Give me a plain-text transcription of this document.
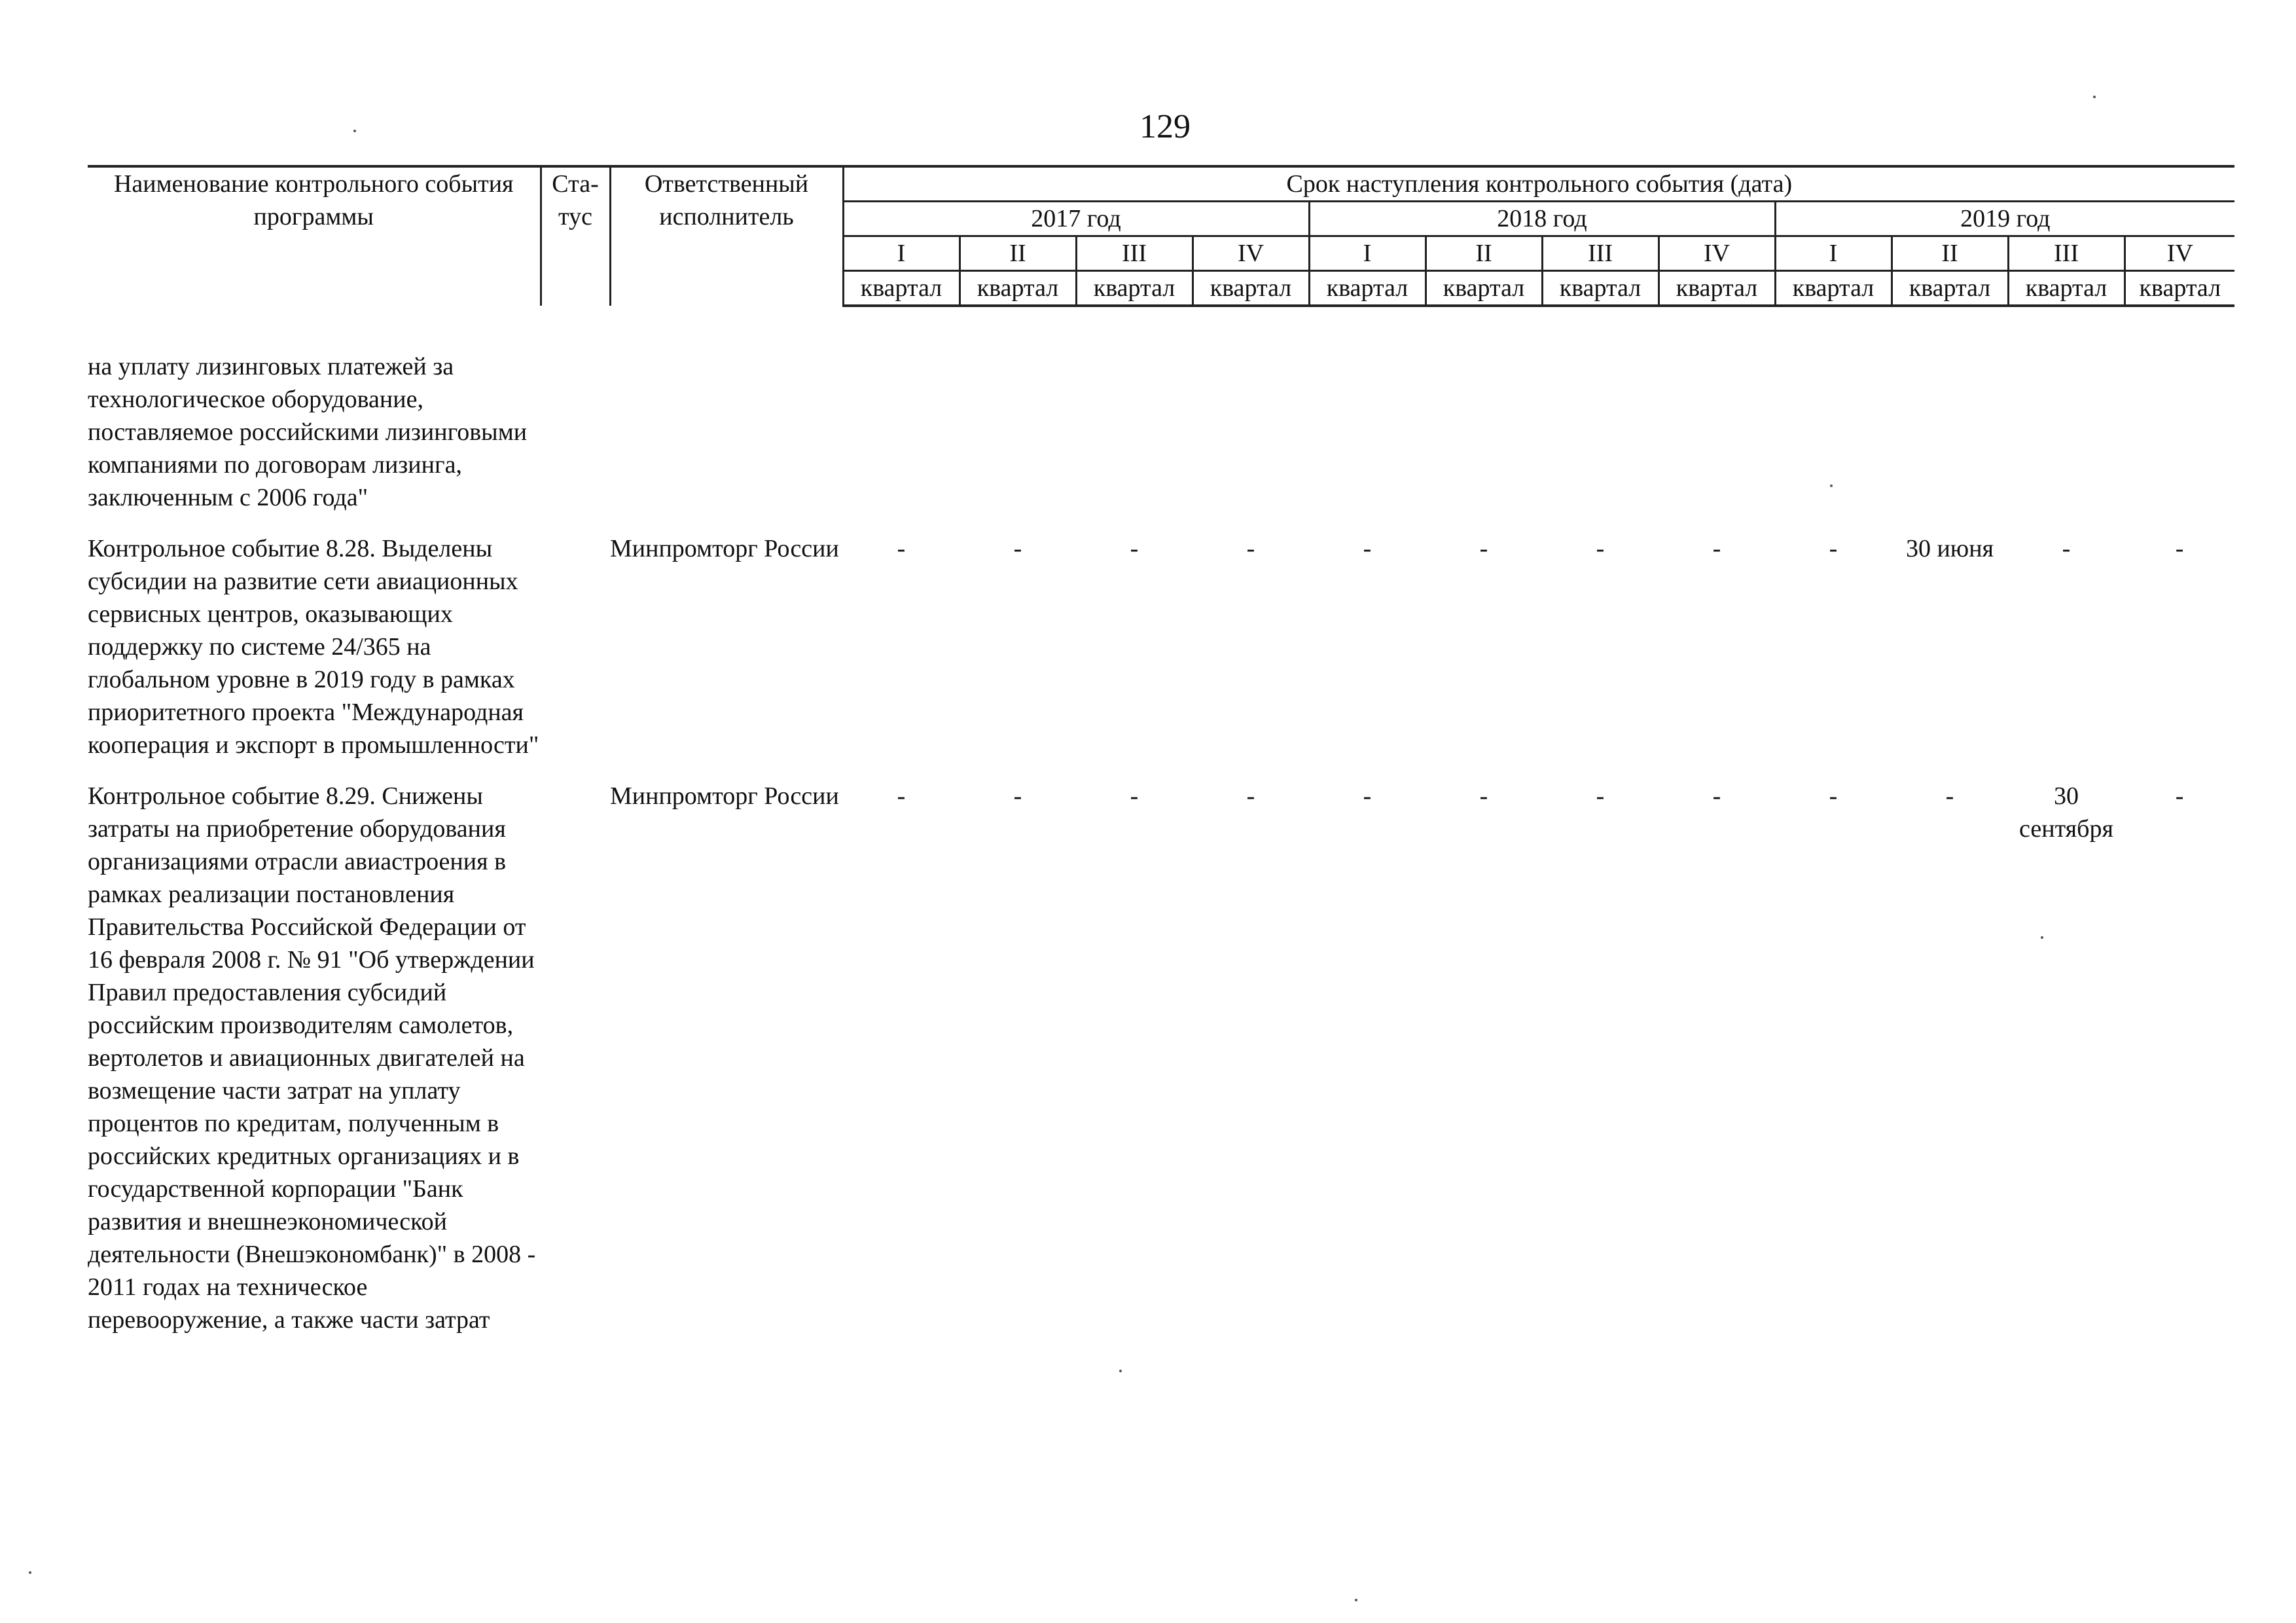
129
Наименование контрольного события программы	Ста-тус	Ответственный исполнитель	Срок наступления контрольного события (дата)											
			2017 год				2018 год				2019 год			
			I	II	III	IV	I	II	III	IV	I	II	III	IV
			квартал	квартал	квартал	квартал	квартал	квартал	квартал	квартал	квартал	квартал	квартал	квартал
на уплату лизинговых платежей за технологическое оборудование, поставляемое российскими лизинговыми компаниями по договорам лизинга, заключенным с 2006 года"														
Контрольное событие 8.28. Выделены субсидии на развитие сети авиационных сервисных центров, оказывающих поддержку по системе 24/365 на глобальном уровне в 2019 году в рамках приоритетного проекта "Международная кооперация и экспорт в промышленности"		Минпромторг России	-	-	-	-	-	-	-	-	-	30 июня	-	-
Контрольное событие 8.29. Снижены затраты на приобретение оборудования организациями отрасли авиастроения в рамках реализации постановления Правительства Российской Федерации от 16 февраля 2008 г. № 91 "Об утверждении Правил предоставления субсидий российским производителям самолетов, вертолетов и авиационных двигателей на возмещение части затрат на уплату процентов по кредитам, полученным в российских кредитных организациях и в государственной корпорации "Банк развития и внешнеэкономической деятельности (Внешэкономбанк)" в 2008 - 2011 годах на техническое перевооружение, а также части затрат		Минпромторг России	-	-	-	-	-	-	-	-	-	-	30 сентября	-
